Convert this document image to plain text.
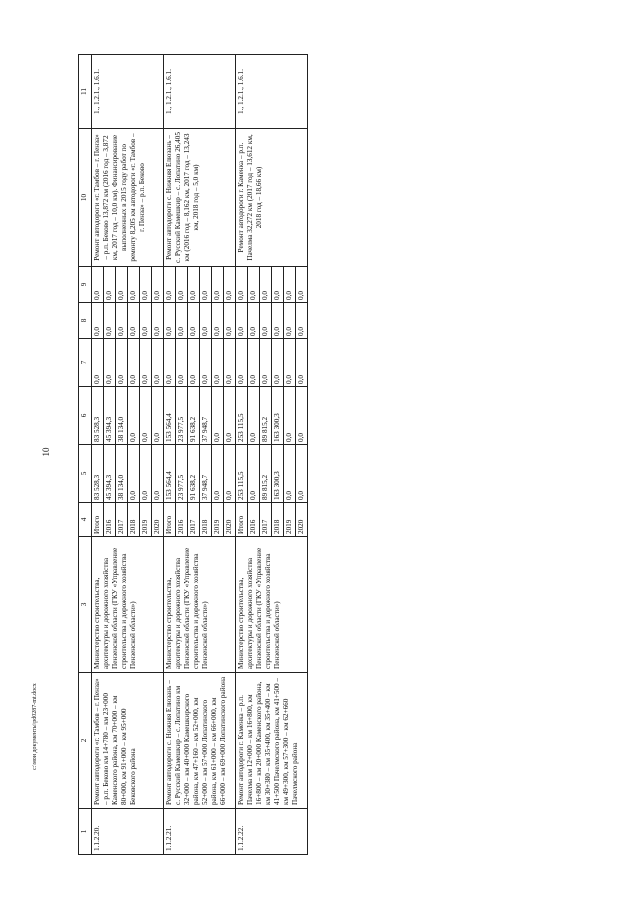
10
1	2	3	4	5	6	7	8	9	10	11
1.1.2.20.	Ремонт автодороги «г. Тамбов – г. Пенза» – р.п. Бековo км 14+780 – км 23+000 Каменского района, км 70+000 – км 80+000, км 91+000 – км 95+000 Бековского района	Министерство строительства, архитектуры и дорожного хозяйства Пензенской области (ГКУ «Управление строительства и дорожного хозяйства Пензенской области»)	Итого	83 528,3	83 528,3	0,0	0,0	0,0	Ремонт автодороги «г. Тамбов – г. Пенза» – р.п. Бековo 13,872 км (2016 год – 3,872 км, 2017 год – 10,0 км). Финансирование выполненных в 2015 году работ по ремонту 8,205 км автодороги «г. Тамбов – г. Пенза» – р.п. Бековo	1., 1.2.1., 1.6.1.
			2016	45 394,3	45 394,3	0,0	0,0	0,0		
			2017	38 134,0	38 134,0	0,0	0,0	0,0		
			2018	0,0	0,0	0,0	0,0	0,0		
			2019	0,0	0,0	0,0	0,0	0,0		
			2020	0,0	0,0	0,0	0,0	0,0		
1.1.2.21.	Ремонт автодороги с. Нижняя Елюзань – с. Русский Камешкир – с. Лопатино км 32+000 – км 40+000 Камешкирского района, км 47+160 – км 52+000, км 52+000 – км 57+000 Лопатинского района, км 61+000 – км 66+000, км 66+000 – км 69+000 Лопатинского района	Министерство строительства, архитектуры и дорожного хозяйства Пензенской области (ГКУ «Управление строительства и дорожного хозяйства Пензенской области»)	Итого	153 564,4	153 564,4	0,0	0,0	0,0	Ремонт автодороги с. Нижняя Елюзань – с. Русский Камешкир – с. Лопатино 26,405 км (2016 год – 8,162 км, 2017 год – 13,243 км, 2018 год – 5,0 км)	1., 1.2.1., 1.6.1.
			2016	23 977,5	23 977,5	0,0	0,0	0,0		
			2017	91 638,2	91 638,2	0,0	0,0	0,0		
			2018	37 948,7	37 948,7	0,0	0,0	0,0		
			2019	0,0	0,0	0,0	0,0	0,0		
			2020	0,0	0,0	0,0	0,0	0,0		
1.1.2.22.	Ремонт автодороги г. Каменка – р.п. Пачелма км 12+000 – км 16+800, км 16+800 – км 20+000 Каменского района, км 30+380 – км 35+400, км 35+400 – км 41+500 Пачелмского района, км 41+500 – км 49+300, км 57+300 – км 62+660 Пачелмского района	Министерство строительства, архитектуры и дорожного хозяйства Пензенской области (ГКУ «Управление строительства и дорожного хозяйства Пензенской области»)	Итого	253 115,5	253 115,5	0,0	0,0	0,0	Ремонт автодороги г. Каменка – р.п. Пачелма 32,272 км (2017 год – 13,612 км, 2018 год – 18,66 км)	1., 1.2.1., 1.6.1.
			2016	0,0	0,0	0,0	0,0	0,0		
			2017	89 815,2	89 815,2	0,0	0,0	0,0		
			2018	163 300,3	163 300,3	0,0	0,0	0,0		
			2019	0,0	0,0	0,0	0,0	0,0		
			2020	0,0	0,0	0,0	0,0	0,0		
c:\мои документы\pd0287-mt.docx
